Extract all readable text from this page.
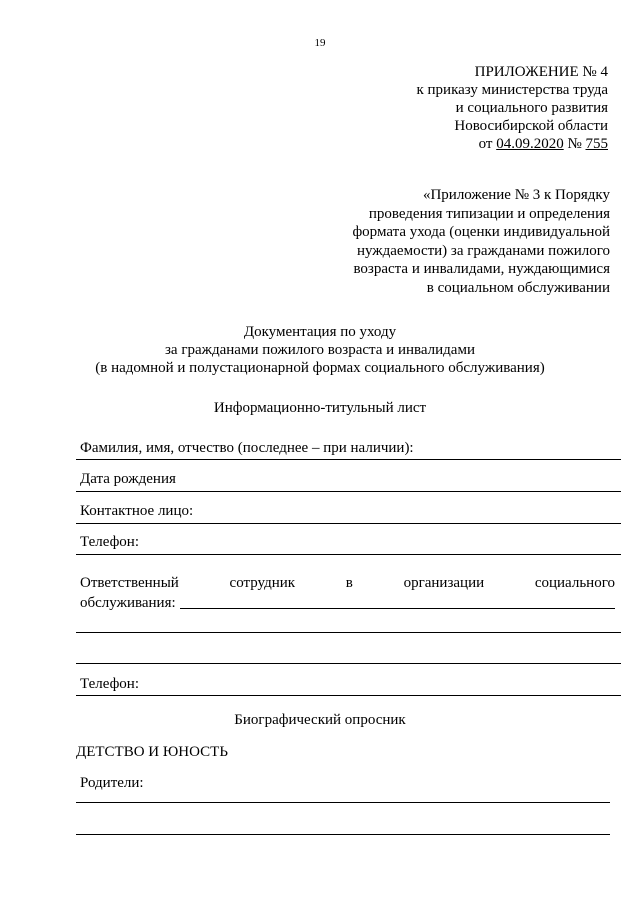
19
ПРИЛОЖЕНИЕ № 4
к приказу министерства труда
и социального развития
Новосибирской области
от 04.09.2020 № 755
«Приложение № 3 к Порядку
проведения типизации и определения
формата ухода (оценки индивидуальной
нуждаемости) за гражданами пожилого
возраста и инвалидами, нуждающимися
в социальном обслуживании
Документация по уходу
за гражданами пожилого возраста и инвалидами
(в надомной и полустационарной формах социального обслуживания)
Информационно-титульный лист
Фамилия, имя, отчество (последнее – при наличии):
Дата рождения
Контактное лицо:
Телефон:
Ответственный	сотрудник	в	организации	социального
обслуживания:
Телефон:
Биографический опросник
ДЕТСТВО И ЮНОСТЬ
Родители:
